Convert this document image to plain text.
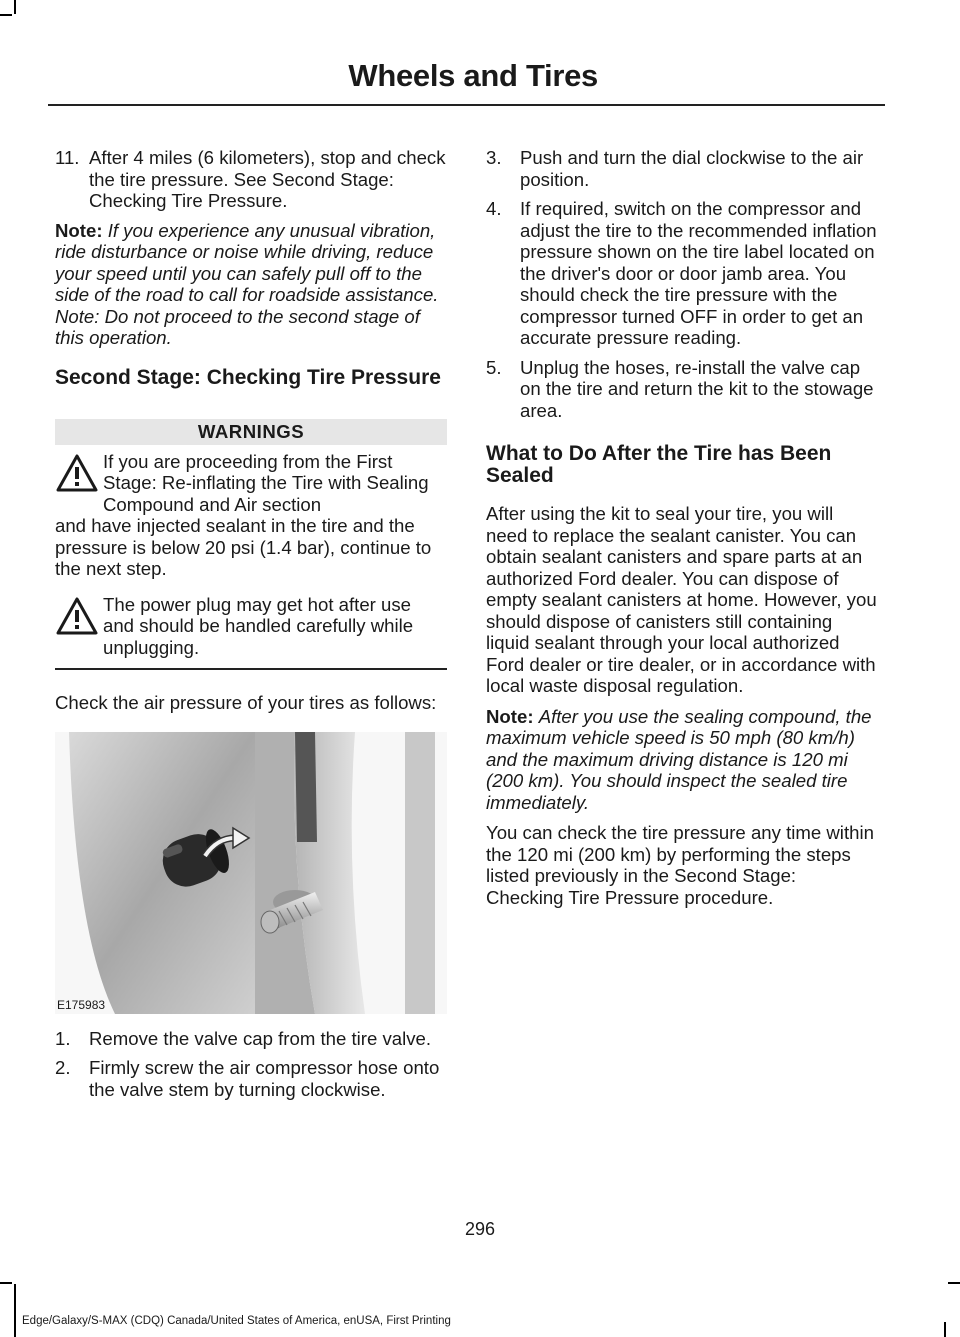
Wheels and Tires
11. After 4 miles (6 kilometers), stop and check the tire pressure. See Second Stage: Checking Tire Pressure.

Note: If you experience any unusual vibration, ride disturbance or noise while driving, reduce your speed until you can safely pull off to the side of the road to call for roadside assistance. Note: Do not proceed to the second stage of this operation.

Second Stage: Checking Tire Pressure
WARNINGS
If you are proceeding from the First Stage: Re-inflating the Tire with Sealing Compound and Air section
and have injected sealant in the tire and the pressure is below 20 psi (1.4 bar), continue to the next step.
The power plug may get hot after use and should be handled carefully while unplugging.

Check the air pressure of your tires as follows:

E175983
1. Remove the valve cap from the tire valve.
2. Firmly screw the air compressor hose onto the valve stem by turning clockwise.
3. Push and turn the dial clockwise to the air position.
4. If required, switch on the compressor and adjust the tire to the recommended inflation pressure shown on the tire label located on the driver's door or door jamb area. You should check the tire pressure with the compressor turned OFF in order to get an accurate pressure reading.
5. Unplug the hoses, re-install the valve cap on the tire and return the kit to the stowage area.
What to Do After the Tire has Been Sealed

After using the kit to seal your tire, you will need to replace the sealant canister. You can obtain sealant canisters and spare parts at an authorized Ford dealer. You can dispose of empty sealant canisters at home. However, you should dispose of canisters still containing liquid sealant through your local authorized Ford dealer or tire dealer, or in accordance with local waste disposal regulation.

Note: After you use the sealing compound, the maximum vehicle speed is 50 mph (80 km/h) and the maximum driving distance is 120 mi (200 km). You should inspect the sealed tire immediately.

You can check the tire pressure any time within the 120 mi (200 km) by performing the steps listed previously in the Second Stage: Checking Tire Pressure procedure.

296
Edge/Galaxy/S-MAX (CDQ) Canada/United States of America, enUSA, First Printing
